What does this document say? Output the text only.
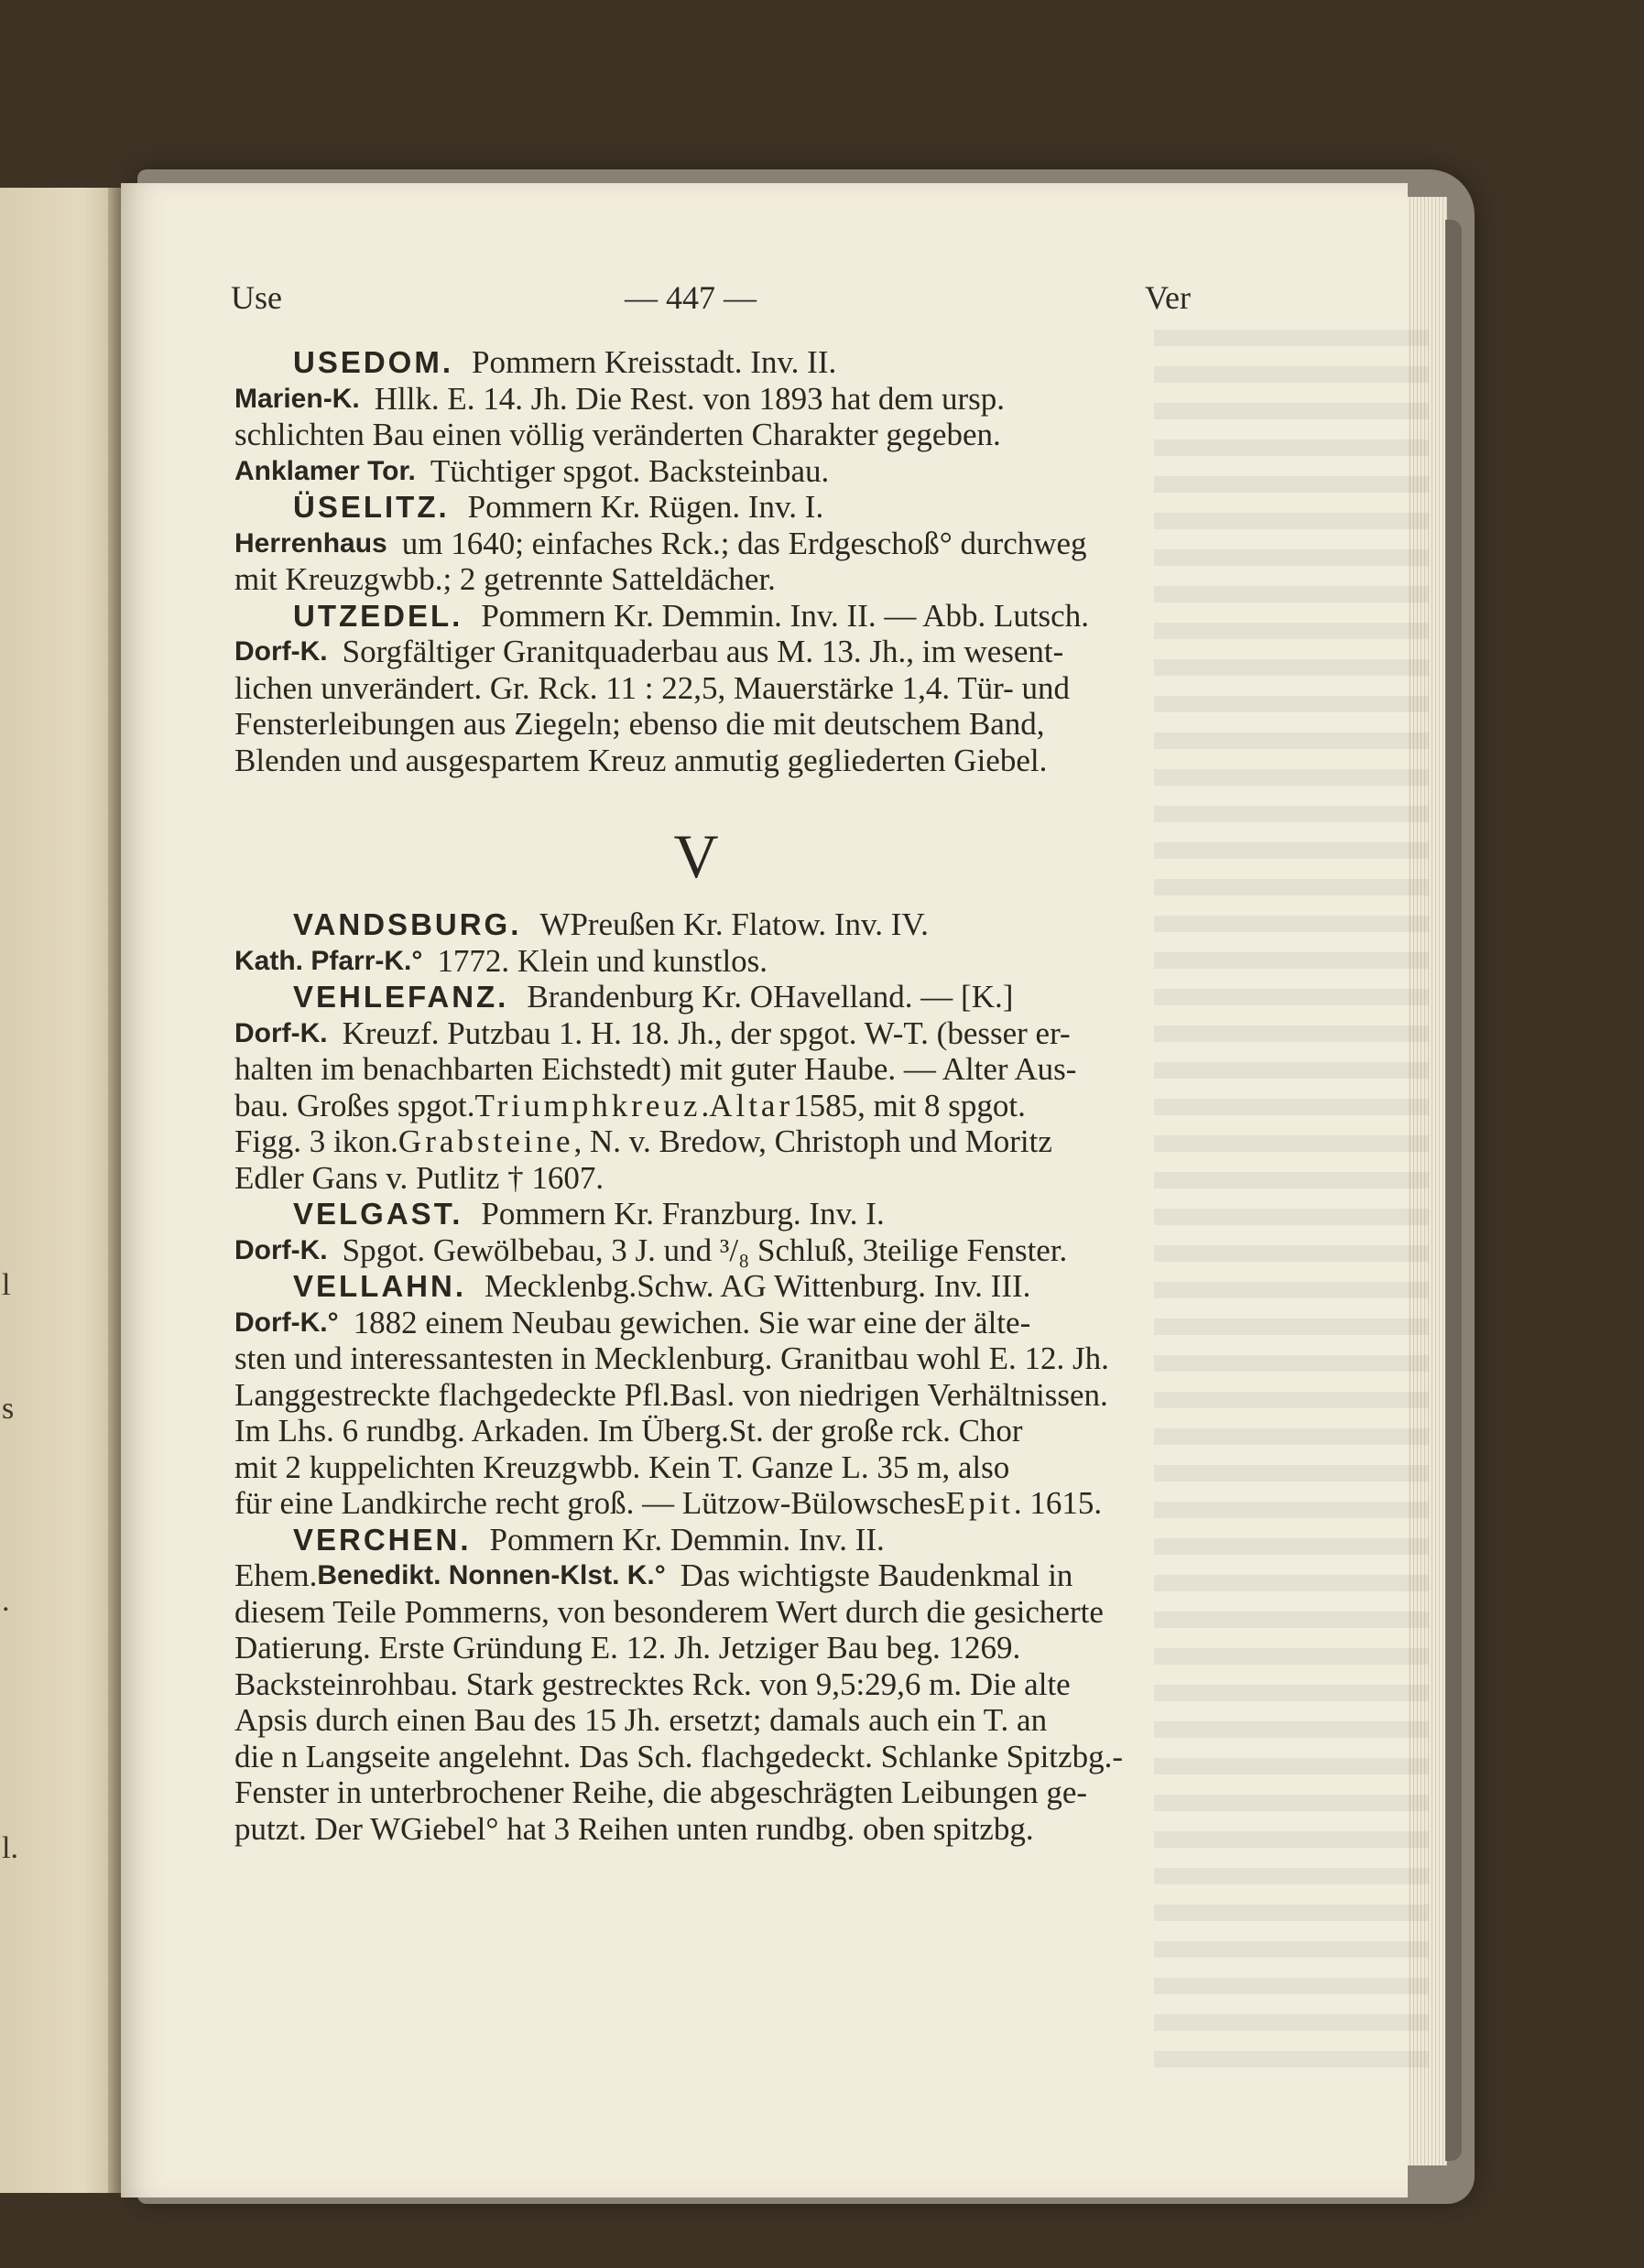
l
s
.
l.
Use	— 447 —	Ver
USEDOM. Pommern Kreisstadt. Inv. II.
Marien-K. Hllk. E. 14. Jh. Die Rest. von 1893 hat dem ursp.
schlichten Bau einen völlig veränderten Charakter gegeben.
Anklamer Tor. Tüchtiger spgot. Backsteinbau.
ÜSELITZ. Pommern Kr. Rügen. Inv. I.
Herrenhaus um 1640; einfaches Rck.; das Erdgeschoß° durchweg
mit Kreuzgwbb.; 2 getrennte Satteldächer.
UTZEDEL. Pommern Kr. Demmin. Inv. II. — Abb. Lutsch.
Dorf-K. Sorgfältiger Granitquaderbau aus M. 13. Jh., im wesent-
lichen unverändert. Gr. Rck. 11 : 22,5, Mauerstärke 1,4. Tür- und
Fensterleibungen aus Ziegeln; ebenso die mit deutschem Band,
Blenden und ausgespartem Kreuz anmutig gegliederten Giebel.
V
VANDSBURG. WPreußen Kr. Flatow. Inv. IV.
Kath. Pfarr-K.° 1772. Klein und kunstlos.
VEHLEFANZ. Brandenburg Kr. OHavelland. — [K.]
Dorf-K. Kreuzf. Putzbau 1. H. 18. Jh., der spgot. W-T. (besser er-
halten im benachbarten Eichstedt) mit guter Haube. — Alter Aus-
bau. Großes spgot. Triumphkreuz . Altar 1585, mit 8 spgot.
Figg. 3 ikon. Grabsteine , N. v. Bredow, Christoph und Moritz
Edler Gans v. Putlitz † 1607.
VELGAST. Pommern Kr. Franzburg. Inv. I.
Dorf-K. Spgot. Gewölbebau, 3 J. und ³/₈ Schluß, 3teilige Fenster.
VELLAHN. Mecklenbg.Schw. AG Wittenburg. Inv. III.
Dorf-K.° 1882 einem Neubau gewichen. Sie war eine der älte-
sten und interessantesten in Mecklenburg. Granitbau wohl E. 12. Jh.
Langgestreckte flachgedeckte Pfl.Basl. von niedrigen Verhältnissen.
Im Lhs. 6 rundbg. Arkaden. Im Überg.St. der große rck. Chor
mit 2 kuppelichten Kreuzgwbb. Kein T. Ganze L. 35 m, also
für eine Landkirche recht groß. — Lützow-Bülowsches Epit . 1615.
VERCHEN. Pommern Kr. Demmin. Inv. II.
Ehem. Benedikt. Nonnen-Klst. K.° Das wichtigste Baudenkmal in
diesem Teile Pommerns, von besonderem Wert durch die gesicherte
Datierung. Erste Gründung E. 12. Jh. Jetziger Bau beg. 1269.
Backsteinrohbau. Stark gestrecktes Rck. von 9,5:29,6 m. Die alte
Apsis durch einen Bau des 15 Jh. ersetzt; damals auch ein T. an
die n Langseite angelehnt. Das Sch. flachgedeckt. Schlanke Spitzbg.-
Fenster in unterbrochener Reihe, die abgeschrägten Leibungen ge-
putzt. Der WGiebel° hat 3 Reihen unten rundbg. oben spitzbg.
